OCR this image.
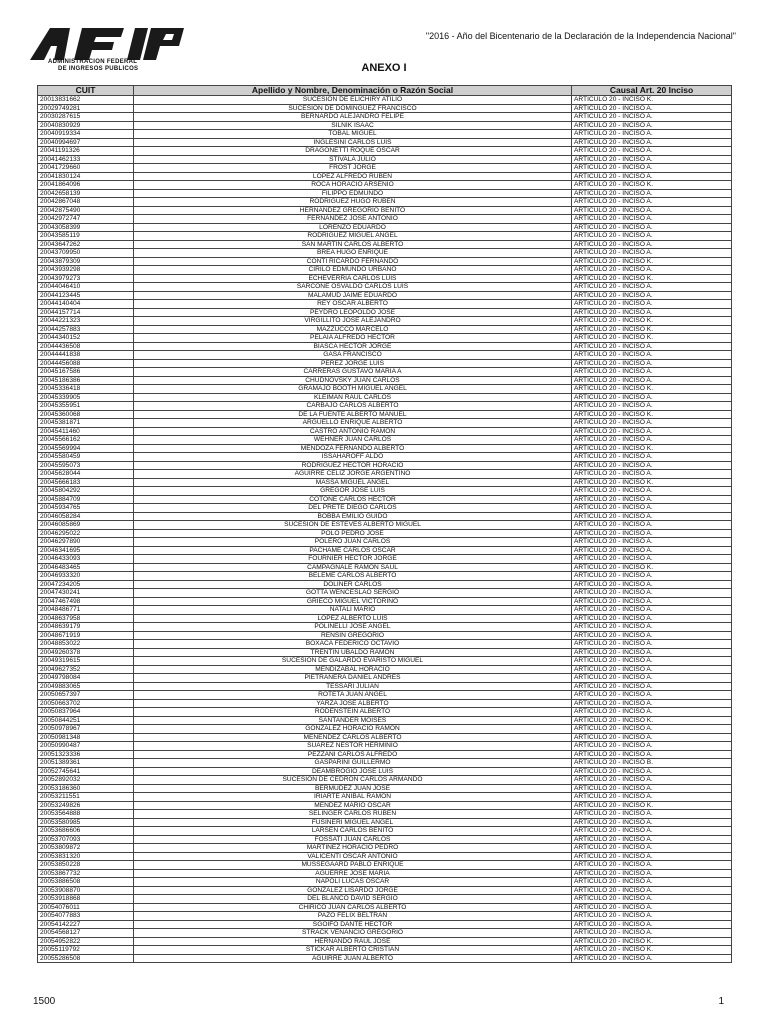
ADMINISTRACION FEDERAL
DE INGRESOS PUBLICOS
"2016 - Año del Bicentenario de la Declaración de la Independencia Nacional"
ANEXO I
CUIT	Apellido y Nombre, Denominación o Razón Social	Causal Art. 20 Inciso
20013831662	SUCESION DE ELICHIRY ATILIO	ARTICULO 20 - INCISO K.
20029749281	SUCESION DE DOMINGUEZ FRANCISCO	ARTICULO 20 - INCISO A.
20030287615	BERNARDO ALEJANDRO FELIPE	ARTICULO 20 - INCISO A.
20040830929	SILNIK ISAAC	ARTICULO 20 - INCISO A.
20040919334	TOBAL MIGUEL	ARTICULO 20 - INCISO A.
20040994697	INGLESINI CARLOS LUIS	ARTICULO 20 - INCISO A.
20041191326	DRAGONETTI ROQUE OSCAR	ARTICULO 20 - INCISO A.
20041462133	STIVALA JULIO	ARTICULO 20 - INCISO A.
20041729660	FROST JORGE	ARTICULO 20 - INCISO A.
20041830124	LOPEZ ALFREDO RUBEN	ARTICULO 20 - INCISO A.
20041864096	ROCA HORACIO ARSENIO	ARTICULO 20 - INCISO K.
20042658139	FILIPPO EDMUNDO	ARTICULO 20 - INCISO A.
20042867048	RODRIGUEZ HUGO RUBEN	ARTICULO 20 - INCISO A.
20042875490	HERNANDEZ GREGORIO BENITO	ARTICULO 20 - INCISO A.
20042972747	FERNANDEZ JOSE ANTONIO	ARTICULO 20 - INCISO A.
20043058399	LORENZO EDUARDO	ARTICULO 20 - INCISO A.
20043585119	RODRIGUEZ MIGUEL ANGEL	ARTICULO 20 - INCISO A.
20043647262	SAN MARTIN CARLOS ALBERTO	ARTICULO 20 - INCISO A.
20043709950	BREA HUGO ENRIQUE	ARTICULO 20 - INCISO A.
20043879309	CONTI RICARDO FERNANDO	ARTICULO 20 - INCISO K.
20043939298	CIRILO EDMUNDO URBANO	ARTICULO 20 - INCISO A.
20043979273	ECHEVERRIA CARLOS LUIS	ARTICULO 20 - INCISO K.
20044046410	SARCONE OSVALDO CARLOS LUIS	ARTICULO 20 - INCISO A.
20044123445	MALAMUD JAIME EDUARDO	ARTICULO 20 - INCISO A.
20044140404	REY OSCAR ALBERTO	ARTICULO 20 - INCISO A.
20044157714	PEYDRO LEOPOLDO JOSE	ARTICULO 20 - INCISO A.
20044221323	VIRGILLITO JOSE ALEJANDRO	ARTICULO 20 - INCISO K.
20044257883	MAZZUCCO MARCELO	ARTICULO 20 - INCISO K.
20044340152	PELAIA ALFREDO HECTOR	ARTICULO 20 - INCISO K.
20044436508	BIASCA HECTOR JORGE	ARTICULO 20 - INCISO A.
20044441838	GASA FRANCISCO	ARTICULO 20 - INCISO A.
20044456088	PEREZ JORGE LUIS	ARTICULO 20 - INCISO A.
20045167586	CARRERAS GUSTAVO MARIA A	ARTICULO 20 - INCISO A.
20045186386	CHUDNOVSKY JUAN CARLOS	ARTICULO 20 - INCISO A.
20045336418	GRAMAJO BOOTH MIGUEL ANGEL	ARTICULO 20 - INCISO K.
20045339905	KLEIMAN RAUL CARLOS	ARTICULO 20 - INCISO A.
20045355951	CARBAJO CARLOS ALBERTO	ARTICULO 20 - INCISO A.
20045360068	DE LA FUENTE ALBERTO MANUEL	ARTICULO 20 - INCISO K.
20045381871	ARGUELLO ENRIQUE ALBERTO	ARTICULO 20 - INCISO A.
20045411460	CASTRO ANTONIO RAMON	ARTICULO 20 - INCISO A.
20045566162	WEHNER JUAN CARLOS	ARTICULO 20 - INCISO A.
20045569994	MENDOZA FERNANDO ALBERTO	ARTICULO 20 - INCISO K.
20045580459	ISSAHAROFF ALDO	ARTICULO 20 - INCISO A.
20045595073	RODRIGUEZ HECTOR HORACIO	ARTICULO 20 - INCISO A.
20045628044	AGUIRRE CELIZ JORGE ARGENTINO	ARTICULO 20 - INCISO A.
20045666183	MASSA MIGUEL ANGEL	ARTICULO 20 - INCISO K.
20045804292	GREGOR JOSE LUIS	ARTICULO 20 - INCISO A.
20045884709	COTONE CARLOS HECTOR	ARTICULO 20 - INCISO A.
20045934765	DEL PRETE DIEGO CARLOS	ARTICULO 20 - INCISO A.
20046058284	BOBBA EMILIO GUIDO	ARTICULO 20 - INCISO A.
20046085869	SUCESION DE ESTEVES ALBERTO MIGUEL	ARTICULO 20 - INCISO A.
20046295022	POLO PEDRO JOSE	ARTICULO 20 - INCISO A.
20046297890	POLERO JUAN CARLOS	ARTICULO 20 - INCISO A.
20046341695	PACHAME CARLOS OSCAR	ARTICULO 20 - INCISO A.
20046433093	FOURNIER HECTOR JORGE	ARTICULO 20 - INCISO A.
20046483465	CAMPAGNALE RAMON SAUL	ARTICULO 20 - INCISO K.
20046933320	BELEME CARLOS ALBERTO	ARTICULO 20 - INCISO A.
20047234205	DOLINER CARLOS	ARTICULO 20 - INCISO A.
20047430241	GOTTA WENCESLAO SERGIO	ARTICULO 20 - INCISO A.
20047467498	GRIECO MIGUEL VICTORINO	ARTICULO 20 - INCISO A.
20048486771	NATALI MARIO	ARTICULO 20 - INCISO A.
20048637958	LOPEZ ALBERTO LUIS	ARTICULO 20 - INCISO A.
20048639179	POLINELLI JOSE ANGEL	ARTICULO 20 - INCISO A.
20048671919	RENSIN GREGORIO	ARTICULO 20 - INCISO A.
20048853022	BOXACA FEDERICO OCTAVIO	ARTICULO 20 - INCISO A.
20049260378	TRENTIN UBALDO RAMON	ARTICULO 20 - INCISO A.
20049319615	SUCESION DE GALARDO EVARISTO MIGUEL	ARTICULO 20 - INCISO A.
20049627352	MENDIZABAL HORACIO	ARTICULO 20 - INCISO A.
20049798084	PIETRANERA DANIEL ANDRES	ARTICULO 20 - INCISO A.
20049883065	TESSARI JULIAN	ARTICULO 20 - INCISO A.
20050657397	ROTETA JUAN ANGEL	ARTICULO 20 - INCISO A.
20050663702	YARZA JOSE ALBERTO	ARTICULO 20 - INCISO A.
20050837964	RODENSTEIN ALBERTO	ARTICULO 20 - INCISO A.
20050844251	SANTANDER MOISES	ARTICULO 20 - INCISO K.
20050978967	GONZALEZ HORACIO RAMON	ARTICULO 20 - INCISO A.
20050981348	MENENDEZ CARLOS ALBERTO	ARTICULO 20 - INCISO A.
20050990487	SUAREZ NESTOR HERMINIO	ARTICULO 20 - INCISO A.
20051323336	PEZZANI CARLOS ALFREDO	ARTICULO 20 - INCISO A.
20051389361	GASPARINI GUILLERMO	ARTICULO 20 - INCISO B.
20052745641	DEAMBROGIO JOSE LUIS	ARTICULO 20 - INCISO A.
20052892032	SUCESION DE CEDRON CARLOS ARMANDO	ARTICULO 20 - INCISO A.
20053186360	BERMUDEZ JUAN JOSE	ARTICULO 20 - INCISO A.
20053211551	IRIARTE ANIBAL RAMON	ARTICULO 20 - INCISO A.
20053249826	MENDEZ MARIO OSCAR	ARTICULO 20 - INCISO K.
20053564888	SELINGER CARLOS RUBEN	ARTICULO 20 - INCISO A.
20053580985	FUSINERI MIGUEL ANGEL	ARTICULO 20 - INCISO A.
20053686606	LARSEN CARLOS BENITO	ARTICULO 20 - INCISO A.
20053707093	FOSSATI JUAN CARLOS	ARTICULO 20 - INCISO A.
20053809872	MARTINEZ HORACIO PEDRO	ARTICULO 20 - INCISO A.
20053831320	VALICENTI OSCAR ANTONIO	ARTICULO 20 - INCISO A.
20053850228	MUSSEGAARD PABLO ENRIQUE	ARTICULO 20 - INCISO A.
20053867732	AGUERRE JOSE MARIA	ARTICULO 20 - INCISO A.
20053886508	NAPOLI LUCAS OSCAR	ARTICULO 20 - INCISO A.
20053908870	GONZALEZ LISARDO JORGE	ARTICULO 20 - INCISO A.
20053918868	DEL BLANCO DAVID SERGIO	ARTICULO 20 - INCISO A.
20054076011	CHIRICO JUAN CARLOS ALBERTO	ARTICULO 20 - INCISO A.
20054077883	PAZO FELIX BELTRAN	ARTICULO 20 - INCISO A.
20054142227	SGOIFO DANTE HECTOR	ARTICULO 20 - INCISO A.
20054568127	STRACK VENANCIO GREGORIO	ARTICULO 20 - INCISO A.
20054952822	HERNANDO RAUL JOSE	ARTICULO 20 - INCISO K.
20055119792	STICKAR ALBERTO CRISTIAN	ARTICULO 20 - INCISO K.
20055286508	AGUIRRE JUAN ALBERTO	ARTICULO 20 - INCISO A.
1500	1
